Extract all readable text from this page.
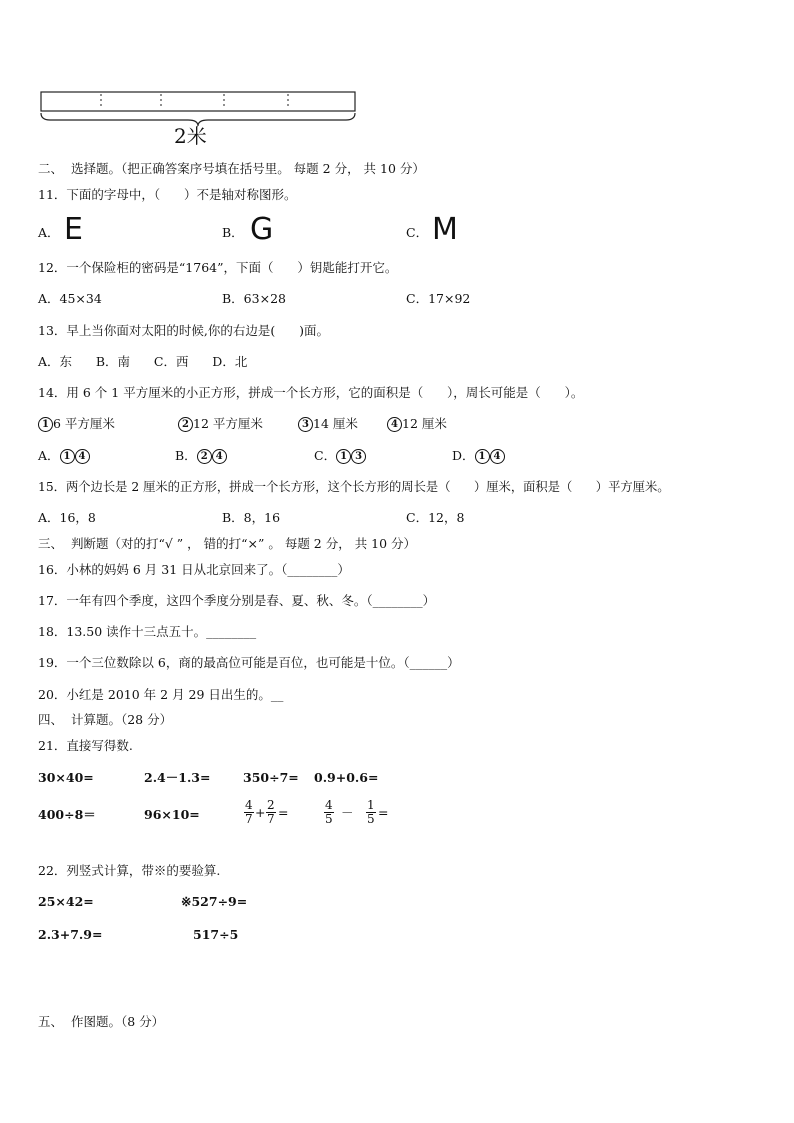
2米
二、  选择题。（把正确答案序号填在括号里。 每题 2 分， 共 10 分）
11．下面的字母中，（      ）不是轴对称图形。
A． E	B． G	C． M
12．一个保险柜的密码是“1764”，下面（      ）钥匙能打开它。
A．45×34	B．63×28	C．17×92
13．早上当你面对太阳的时候,你的右边是(      )面。
A．东      B．南      C．西      D．北
14．用 6 个 1 平方厘米的小正方形，拼成一个长方形，它的面积是（      ），周长可能是（      ）。
1 6 平方厘米	2 12 平方厘米	3 14 厘米	4 12 厘米
A． 1 4	B． 2 4	C． 1 3	D． 1 4
15．两个边长是 2 厘米的正方形，拼成一个长方形，这个长方形的周长是（      ）厘米，面积是（      ）平方厘米。
A．16，8	B．8，16	C．12，8
三、  判断题（对的打“√ ” ， 错的打“×” 。 每题 2 分， 共 10 分）
16．小林的妈妈 6 月 31 日从北京回来了。（________）
17．一年有四个季度，这四个季度分别是春、夏、秋、冬。（________）
18．13.50 读作十三点五十。________
19．一个三位数除以 6，商的最高位可能是百位，也可能是十位。（______）
20．小红是 2010 年 2 月 29 日出生的。__
四、  计算题。（28 分）
21．直接写得数.
30×40=	2.4－1.3=	350÷7= 0.9+0.6=
400÷8＝	96×10=	$\frac{4}{7} + \frac{2}{7}$ =	$\frac{4}{5} - \frac{1}{5}$ =
22．列竖式计算，带※的要验算.
25×42=	※527÷9=
2.3+7.9=	517÷5
五、  作图题。（8 分）
